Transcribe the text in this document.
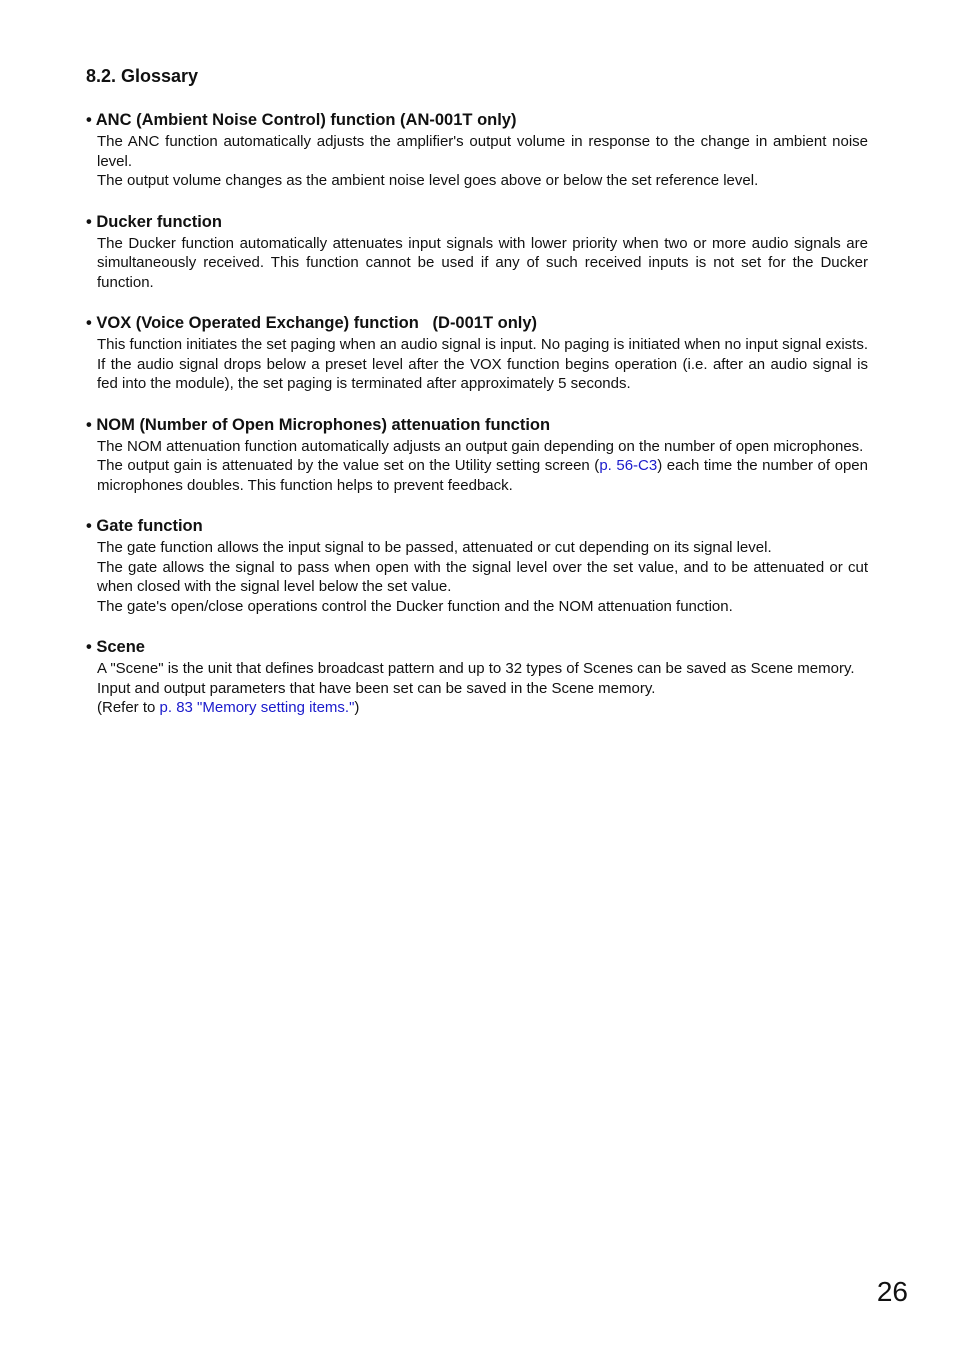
8.2. Glossary
• ANC (Ambient Noise Control) function (AN-001T only)

The ANC function automatically adjusts the amplifier's output volume in response to the change in ambient noise level.

The output volume changes as the ambient noise level goes above or below the set reference level.

• Ducker function

The Ducker function automatically attenuates input signals with lower priority when two or more audio signals are simultaneously received. This function cannot be used if any of such received inputs is not set for the Ducker function.

• VOX (Voice Operated Exchange) function   (D-001T only)

This function initiates the set paging when an audio signal is input. No paging is initiated when no input signal exists. If the audio signal drops below a preset level after the VOX function begins operation (i.e. after an audio signal is fed into the module), the set paging is terminated after approximately 5 seconds.

• NOM (Number of Open Microphones) attenuation function

The NOM attenuation function automatically adjusts an output gain depending on the number of open microphones.

The output gain is attenuated by the value set on the Utility setting screen (p. 56-C3) each time the number of open microphones doubles. This function helps to prevent feedback.

• Gate function

The gate function allows the input signal to be passed, attenuated or cut depending on its signal level.

The gate allows the signal to pass when open with the signal level over the set value, and to be attenuated or cut when closed with the signal level below the set value.

The gate's open/close operations control the Ducker function and the NOM attenuation function.

• Scene

A "Scene" is the unit that defines broadcast pattern and up to 32 types of Scenes can be saved as Scene memory.

Input and output parameters that have been set can be saved in the Scene memory.

(Refer to p. 83 "Memory setting items.")

26
